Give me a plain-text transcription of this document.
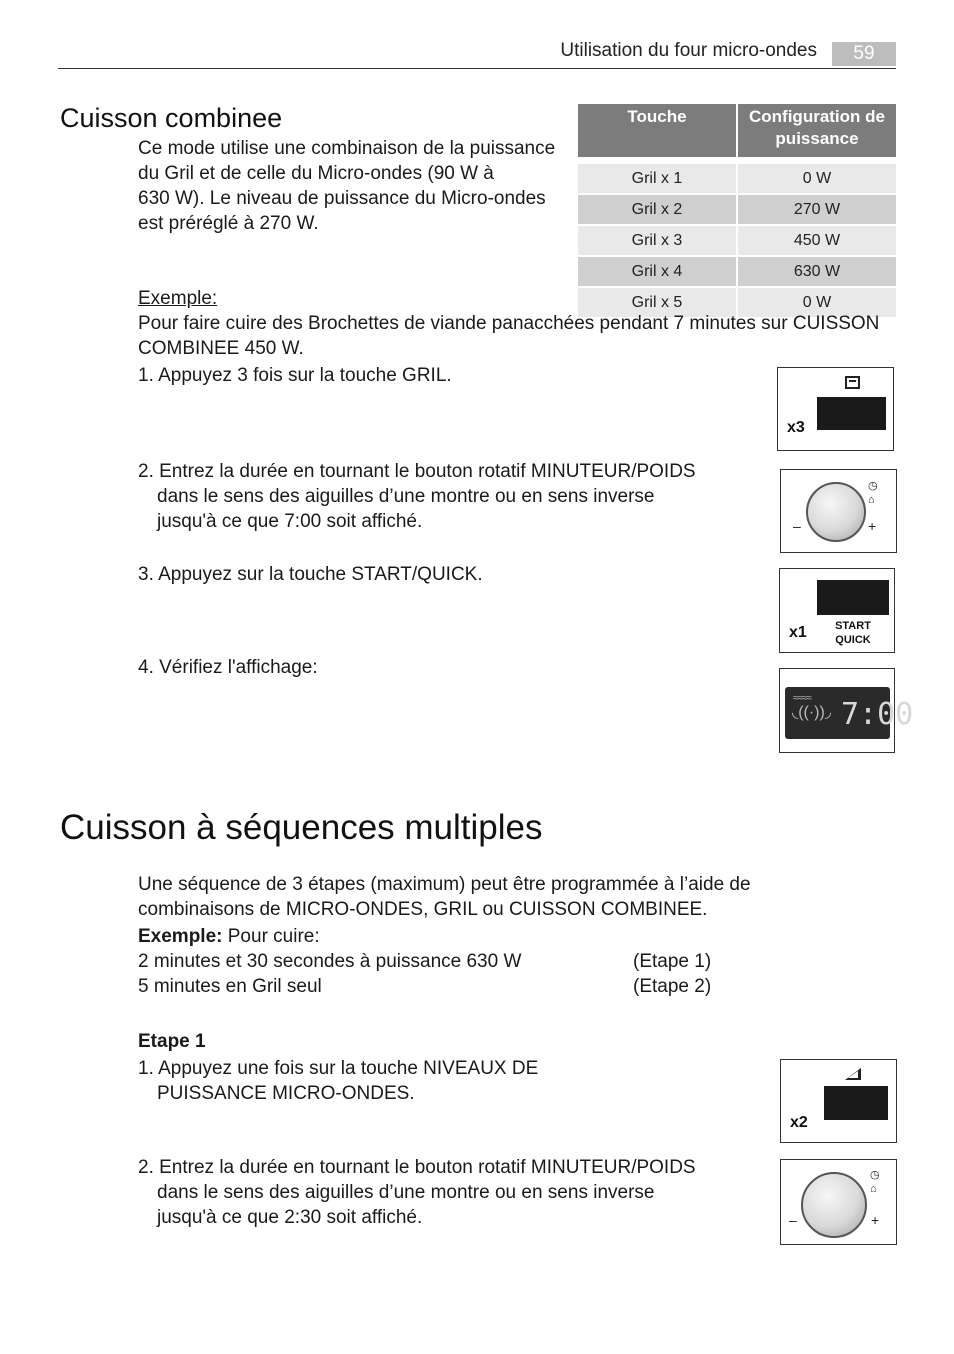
Utilisation du four micro-ondes	59
Cuisson combinee
Ce mode utilise une combinaison de la puissance
du Gril et de celle du Micro-ondes (90 W à
630 W). Le niveau de puissance du Micro-ondes
est préréglé à 270 W.
Touche	Configuration de puissance

Gril x 1	0 W
Gril x 2	270 W
Gril x 3	450 W
Gril x 4	630 W
Gril x 5	0 W
Exemple:
Pour faire cuire des Brochettes de viande panacchées pendant 7 minutes sur CUISSON
COMBINEE 450 W.
1. Appuyez 3 fois sur la touche GRIL.
2. Entrez la durée en tournant le bouton rotatif MINUTEUR/POIDS
dans le sens des aiguilles d’une montre ou en sens inverse
jusqu'à ce que 7:00 soit affiché.
3. Appuyez sur la touche START/QUICK.
4. Vérifiez l'affichage:
x3
◷
⌂
–	+
x1	START
QUICK
≈≈≈≈
◟((·))◞ 7:00
Cuisson à séquences multiples
Une séquence de 3 étapes (maximum) peut être programmée à l’aide de
combinaisons de MICRO-ONDES, GRIL ou CUISSON COMBINEE.
Exemple: Pour cuire:
2 minutes et 30 secondes à puissance 630 W	(Etape 1)
5 minutes en Gril seul	(Etape 2)
Etape 1
1. Appuyez une fois sur la touche NIVEAUX DE
PUISSANCE MICRO-ONDES.
2. Entrez la durée en tournant le bouton rotatif MINUTEUR/POIDS
dans le sens des aiguilles d’une montre ou en sens inverse
jusqu'à ce que 2:30 soit affiché.
x2
◷
⌂
–	+
